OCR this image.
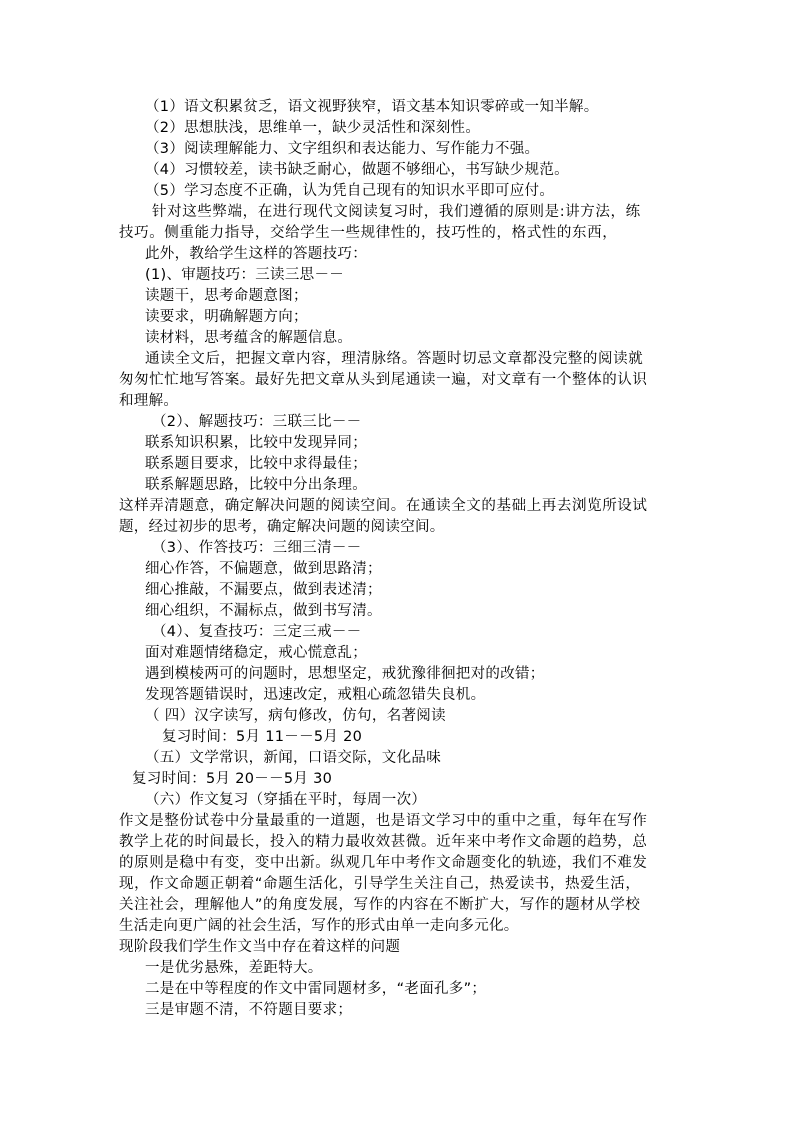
（1）语文积累贫乏，语文视野狭窄，语文基本知识零碎或一知半解。
（2）思想肤浅，思维单一，缺少灵活性和深刻性。
（3）阅读理解能力、文字组织和表达能力、写作能力不强。
（4）习惯较差，读书缺乏耐心，做题不够细心，书写缺少规范。
（5）学习态度不正确，认为凭自己现有的知识水平即可应付。
针对这些弊端，在进行现代文阅读复习时，我们遵循的原则是:讲方法，练
技巧。侧重能力指导，交给学生一些规律性的，技巧性的，格式性的东西，
此外，教给学生这样的答题技巧：
(1)、审题技巧：三读三思－－
读题干，思考命题意图；
读要求，明确解题方向；
读材料，思考蕴含的解题信息。
通读全文后，把握文章内容，理清脉络。答题时切忌文章都没完整的阅读就
匆匆忙忙地写答案。最好先把文章从头到尾通读一遍，对文章有一个整体的认识
和理解。
（2）、解题技巧：三联三比－－
联系知识积累，比较中发现异同；
联系题目要求，比较中求得最佳；
联系解题思路，比较中分出条理。
这样弄清题意，确定解决问题的阅读空间。在通读全文的基础上再去浏览所设试
题，经过初步的思考，确定解决问题的阅读空间。
（3）、作答技巧：三细三清－－
细心作答，不偏题意，做到思路清；
细心推敲，不漏要点，做到表述清；
细心组织，不漏标点，做到书写清。
（4）、复查技巧：三定三戒－－
面对难题情绪稳定，戒心慌意乱；
遇到模棱两可的问题时，思想坚定，戒犹豫徘徊把对的改错；
发现答题错误时，迅速改定，戒粗心疏忽错失良机。
（ 四）汉字读写，病句修改，仿句，名著阅读
复习时间：5月 11－－5月 20
（五）文学常识，新闻，口语交际，文化品味
复习时间：5月 20－－5月 30
（六）作文复习（穿插在平时，每周一次）
作文是整份试卷中分量最重的一道题，也是语文学习中的重中之重，每年在写作
教学上花的时间最长，投入的精力最收效甚微。近年来中考作文命题的趋势，总
的原则是稳中有变，变中出新。纵观几年中考作文命题变化的轨迹，我们不难发
现，作文命题正朝着“命题生活化，引导学生关注自己，热爱读书，热爱生活，
关注社会，理解他人”的角度发展，写作的内容在不断扩大，写作的题材从学校
生活走向更广阔的社会生活，写作的形式由单一走向多元化。
现阶段我们学生作文当中存在着这样的问题
一是优劣悬殊，差距特大。
二是在中等程度的作文中雷同题材多，“老面孔多”；
三是审题不清，不符题目要求；
